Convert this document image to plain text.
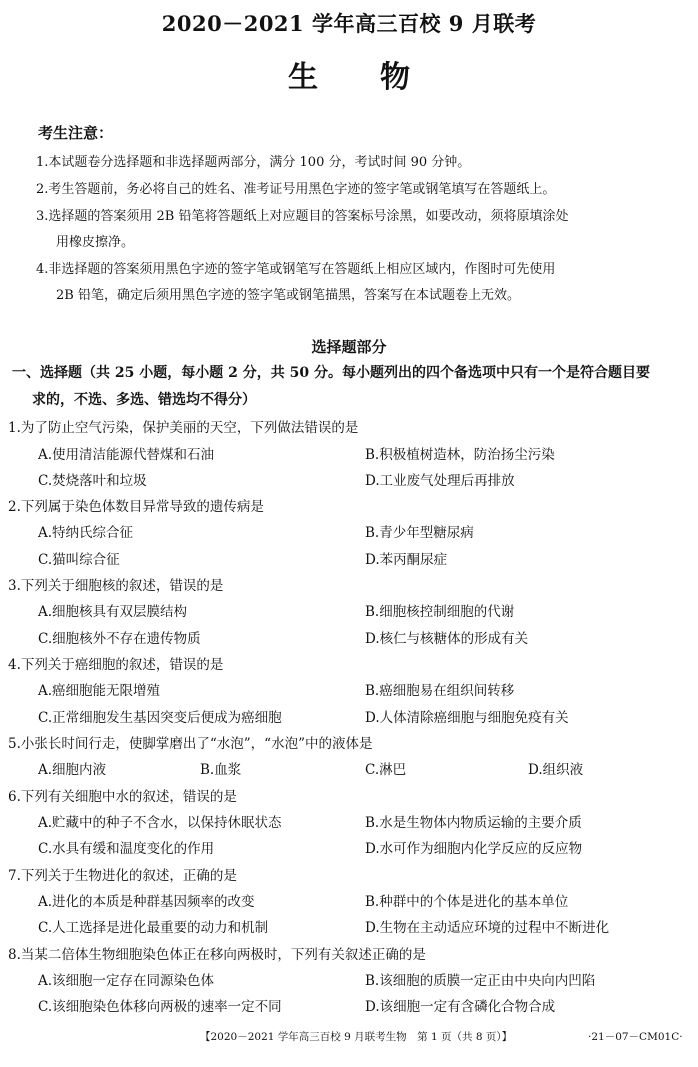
2020－2021 学年高三百校 9 月联考
生物
考生注意：
1.本试题卷分选择题和非选择题两部分，满分 100 分，考试时间 90 分钟。
2.考生答题前，务必将自己的姓名、准考证号用黑色字迹的签字笔或钢笔填写在答题纸上。
3.选择题的答案须用 2B 铅笔将答题纸上对应题目的答案标号涂黑，如要改动，须将原填涂处
用橡皮擦净。
4.非选择题的答案须用黑色字迹的签字笔或钢笔写在答题纸上相应区域内，作图时可先使用
2B 铅笔，确定后须用黑色字迹的签字笔或钢笔描黑，答案写在本试题卷上无效。
选择题部分
一、选择题（共 25 小题，每小题 2 分，共 50 分。每小题列出的四个备选项中只有一个是符合题目要
求的，不选、多选、错选均不得分）
1.为了防止空气污染，保护美丽的天空，下列做法错误的是
A.使用清洁能源代替煤和石油	B.积极植树造林，防治扬尘污染
C.焚烧落叶和垃圾	D.工业废气处理后再排放
2.下列属于染色体数目异常导致的遗传病是
A.特纳氏综合征	B.青少年型糖尿病
C.猫叫综合征	D.苯丙酮尿症
3.下列关于细胞核的叙述，错误的是
A.细胞核具有双层膜结构	B.细胞核控制细胞的代谢
C.细胞核外不存在遗传物质	D.核仁与核糖体的形成有关
4.下列关于癌细胞的叙述，错误的是
A.癌细胞能无限增殖	B.癌细胞易在组织间转移
C.正常细胞发生基因突变后便成为癌细胞	D.人体清除癌细胞与细胞免疫有关
5.小张长时间行走，使脚掌磨出了“水泡”，“水泡”中的液体是
A.细胞内液	B.血浆	C.淋巴	D.组织液
6.下列有关细胞中水的叙述，错误的是
A.贮藏中的种子不含水，以保持休眠状态	B.水是生物体内物质运输的主要介质
C.水具有缓和温度变化的作用	D.水可作为细胞内化学反应的反应物
7.下列关于生物进化的叙述，正确的是
A.进化的本质是种群基因频率的改变	B.种群中的个体是进化的基本单位
C.人工选择是进化最重要的动力和机制	D.生物在主动适应环境的过程中不断进化
8.当某二倍体生物细胞染色体正在移向两极时，下列有关叙述正确的是
A.该细胞一定存在同源染色体	B.该细胞的质膜一定正由中央向内凹陷
C.该细胞染色体移向两极的速率一定不同	D.该细胞一定有含磷化合物合成
【2020－2021 学年高三百校 9 月联考生物　第 1 页（共 8 页）】	·21－07－CM01C·
